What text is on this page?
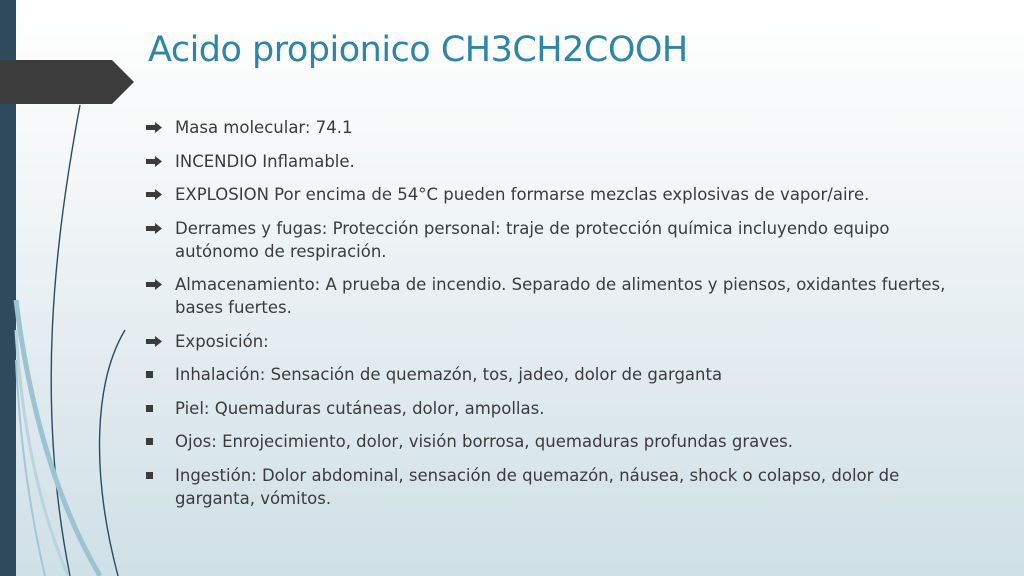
Acido propionico CH3CH2COOH
Masa molecular: 74.1
INCENDIO Inflamable.
EXPLOSION Por encima de 54°C pueden formarse mezclas explosivas de vapor/aire.
Derrames y fugas: Protección personal: traje de protección química incluyendo equipo autónomo de respiración.
Almacenamiento: A prueba de incendio. Separado de alimentos y piensos, oxidantes fuertes, bases fuertes.
Exposición:
Inhalación: Sensación de quemazón, tos, jadeo, dolor de garganta
Piel: Quemaduras cutáneas, dolor, ampollas.
Ojos: Enrojecimiento, dolor, visión borrosa, quemaduras profundas graves.
Ingestión: Dolor abdominal, sensación de quemazón, náusea, shock o colapso, dolor de garganta, vómitos.
